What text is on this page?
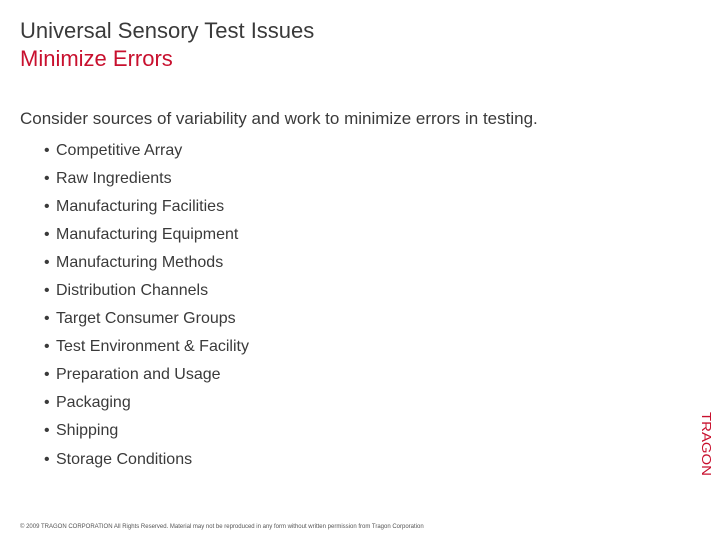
Universal Sensory Test Issues
Minimize Errors

Consider sources of variability and work to minimize errors in testing.

• Competitive Array
• Raw Ingredients
• Manufacturing Facilities
• Manufacturing Equipment
• Manufacturing Methods
• Distribution Channels
• Target Consumer Groups
• Test Environment & Facility
• Preparation and Usage
• Packaging
• Shipping
• Storage Conditions	TRAGON

© 2009 TRAGON CORPORATION All Rights Reserved. Material may not be reproduced in any form without written permission from Tragon Corporation
